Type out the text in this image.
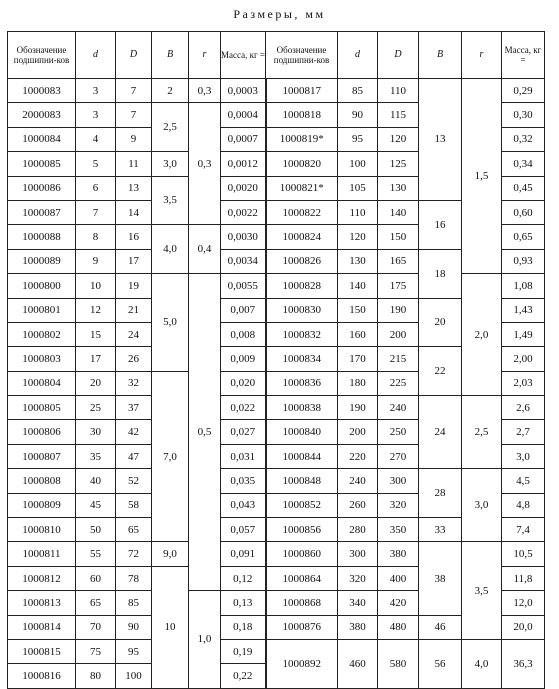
Размеры, мм
Обозначение подшипни-ков	d	D	B	r	Масса, кг =	Обозначение подшипни-ков	d	D	B	r	Масса, кг =
1000083	3	7	2	0,3	0,0003	1000817	85	110	13	1,5	0,29
2000083	3	7	2,5	0,3	0,0004	1000818	90	115			0,30
1000084	4	9			0,0007	1000819*	95	120			0,32
1000085	5	11	3,0		0,0012	1000820	100	125			0,34
1000086	6	13	3,5		0,0020	1000821*	105	130			0,45
1000087	7	14			0,0022	1000822	110	140	16		0,60
1000088	8	16	4,0	0,4	0,0030	1000824	120	150			0,65
1000089	9	17			0,0034	1000826	130	165	18		0,93
1000800	10	19	5,0	0,5	0,0055	1000828	140	175		2,0	1,08
1000801	12	21			0,007	1000830	150	190	20		1,43
1000802	15	24			0,008	1000832	160	200			1,49
1000803	17	26			0,009	1000834	170	215	22		2,00
1000804	20	32	7,0		0,020	1000836	180	225			2,03
1000805	25	37			0,022	1000838	190	240	24	2,5	2,6
1000806	30	42			0,027	1000840	200	250			2,7
1000807	35	47			0,031	1000844	220	270			3,0
1000808	40	52			0,035	1000848	240	300	28	3,0	4,5
1000809	45	58			0,043	1000852	260	320			4,8
1000810	50	65			0,057	1000856	280	350	33		7,4
1000811	55	72	9,0		0,091	1000860	300	380	38	3,5	10,5
1000812	60	78	10		0,12	1000864	320	400			11,8
1000813	65	85		1,0	0,13	1000868	340	420			12,0
1000814	70	90			0,18	1000876	380	480	46		20,0
1000815	75	95			0,19	1000892	460	580	56	4,0	36,3
1000816	80	100			0,22						
